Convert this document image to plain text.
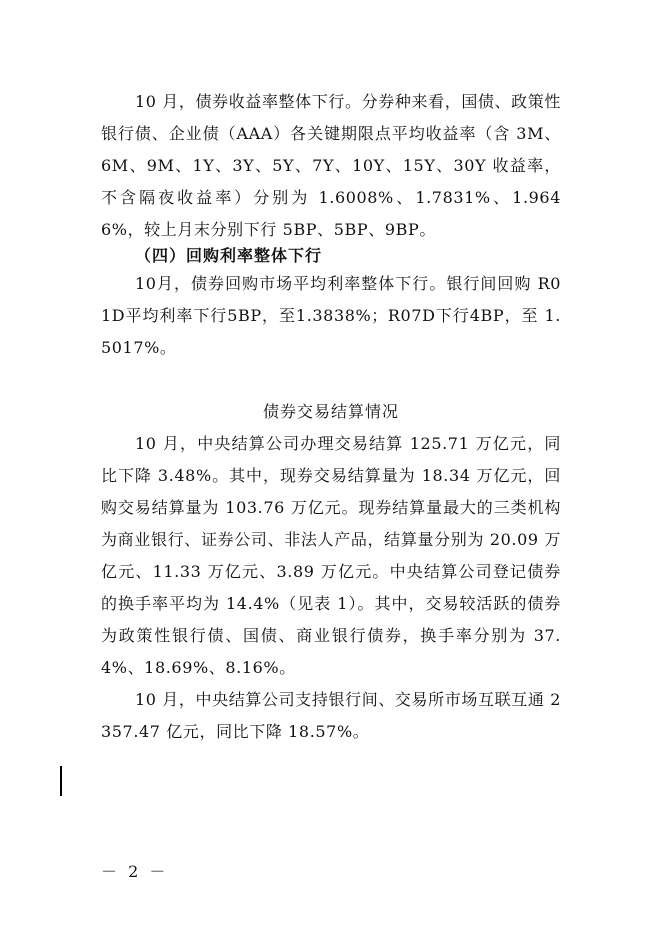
10 月，债券收益率整体下行。分券种来看，国债、政策性银行债、企业债（AAA）各关键期限点平均收益率（含 3M、6M、9M、1Y、3Y、5Y、7Y、10Y、15Y、30Y 收益率，不含隔夜收益率）分别为 1.6008%、1.7831%、1.9646%，较上月末分别下行 5BP、5BP、9BP。
（四）回购利率整体下行
10月，债券回购市场平均利率整体下行。银行间回购 R01D平均利率下行5BP，至1.3838%；R07D下行4BP，至 1.5017%。
债券交易结算情况
10 月，中央结算公司办理交易结算 125.71 万亿元，同比下降 3.48%。其中，现券交易结算量为 18.34 万亿元，回购交易结算量为 103.76 万亿元。现券结算量最大的三类机构为商业银行、证券公司、非法人产品，结算量分别为 20.09 万亿元、11.33 万亿元、3.89 万亿元。中央结算公司登记债券的换手率平均为 14.4%（见表 1）。其中，交易较活跃的债券为政策性银行债、国债、商业银行债券，换手率分别为 37.4%、18.69%、8.16%。
10 月，中央结算公司支持银行间、交易所市场互联互通 2357.47 亿元，同比下降 18.57%。
－ 2 －
